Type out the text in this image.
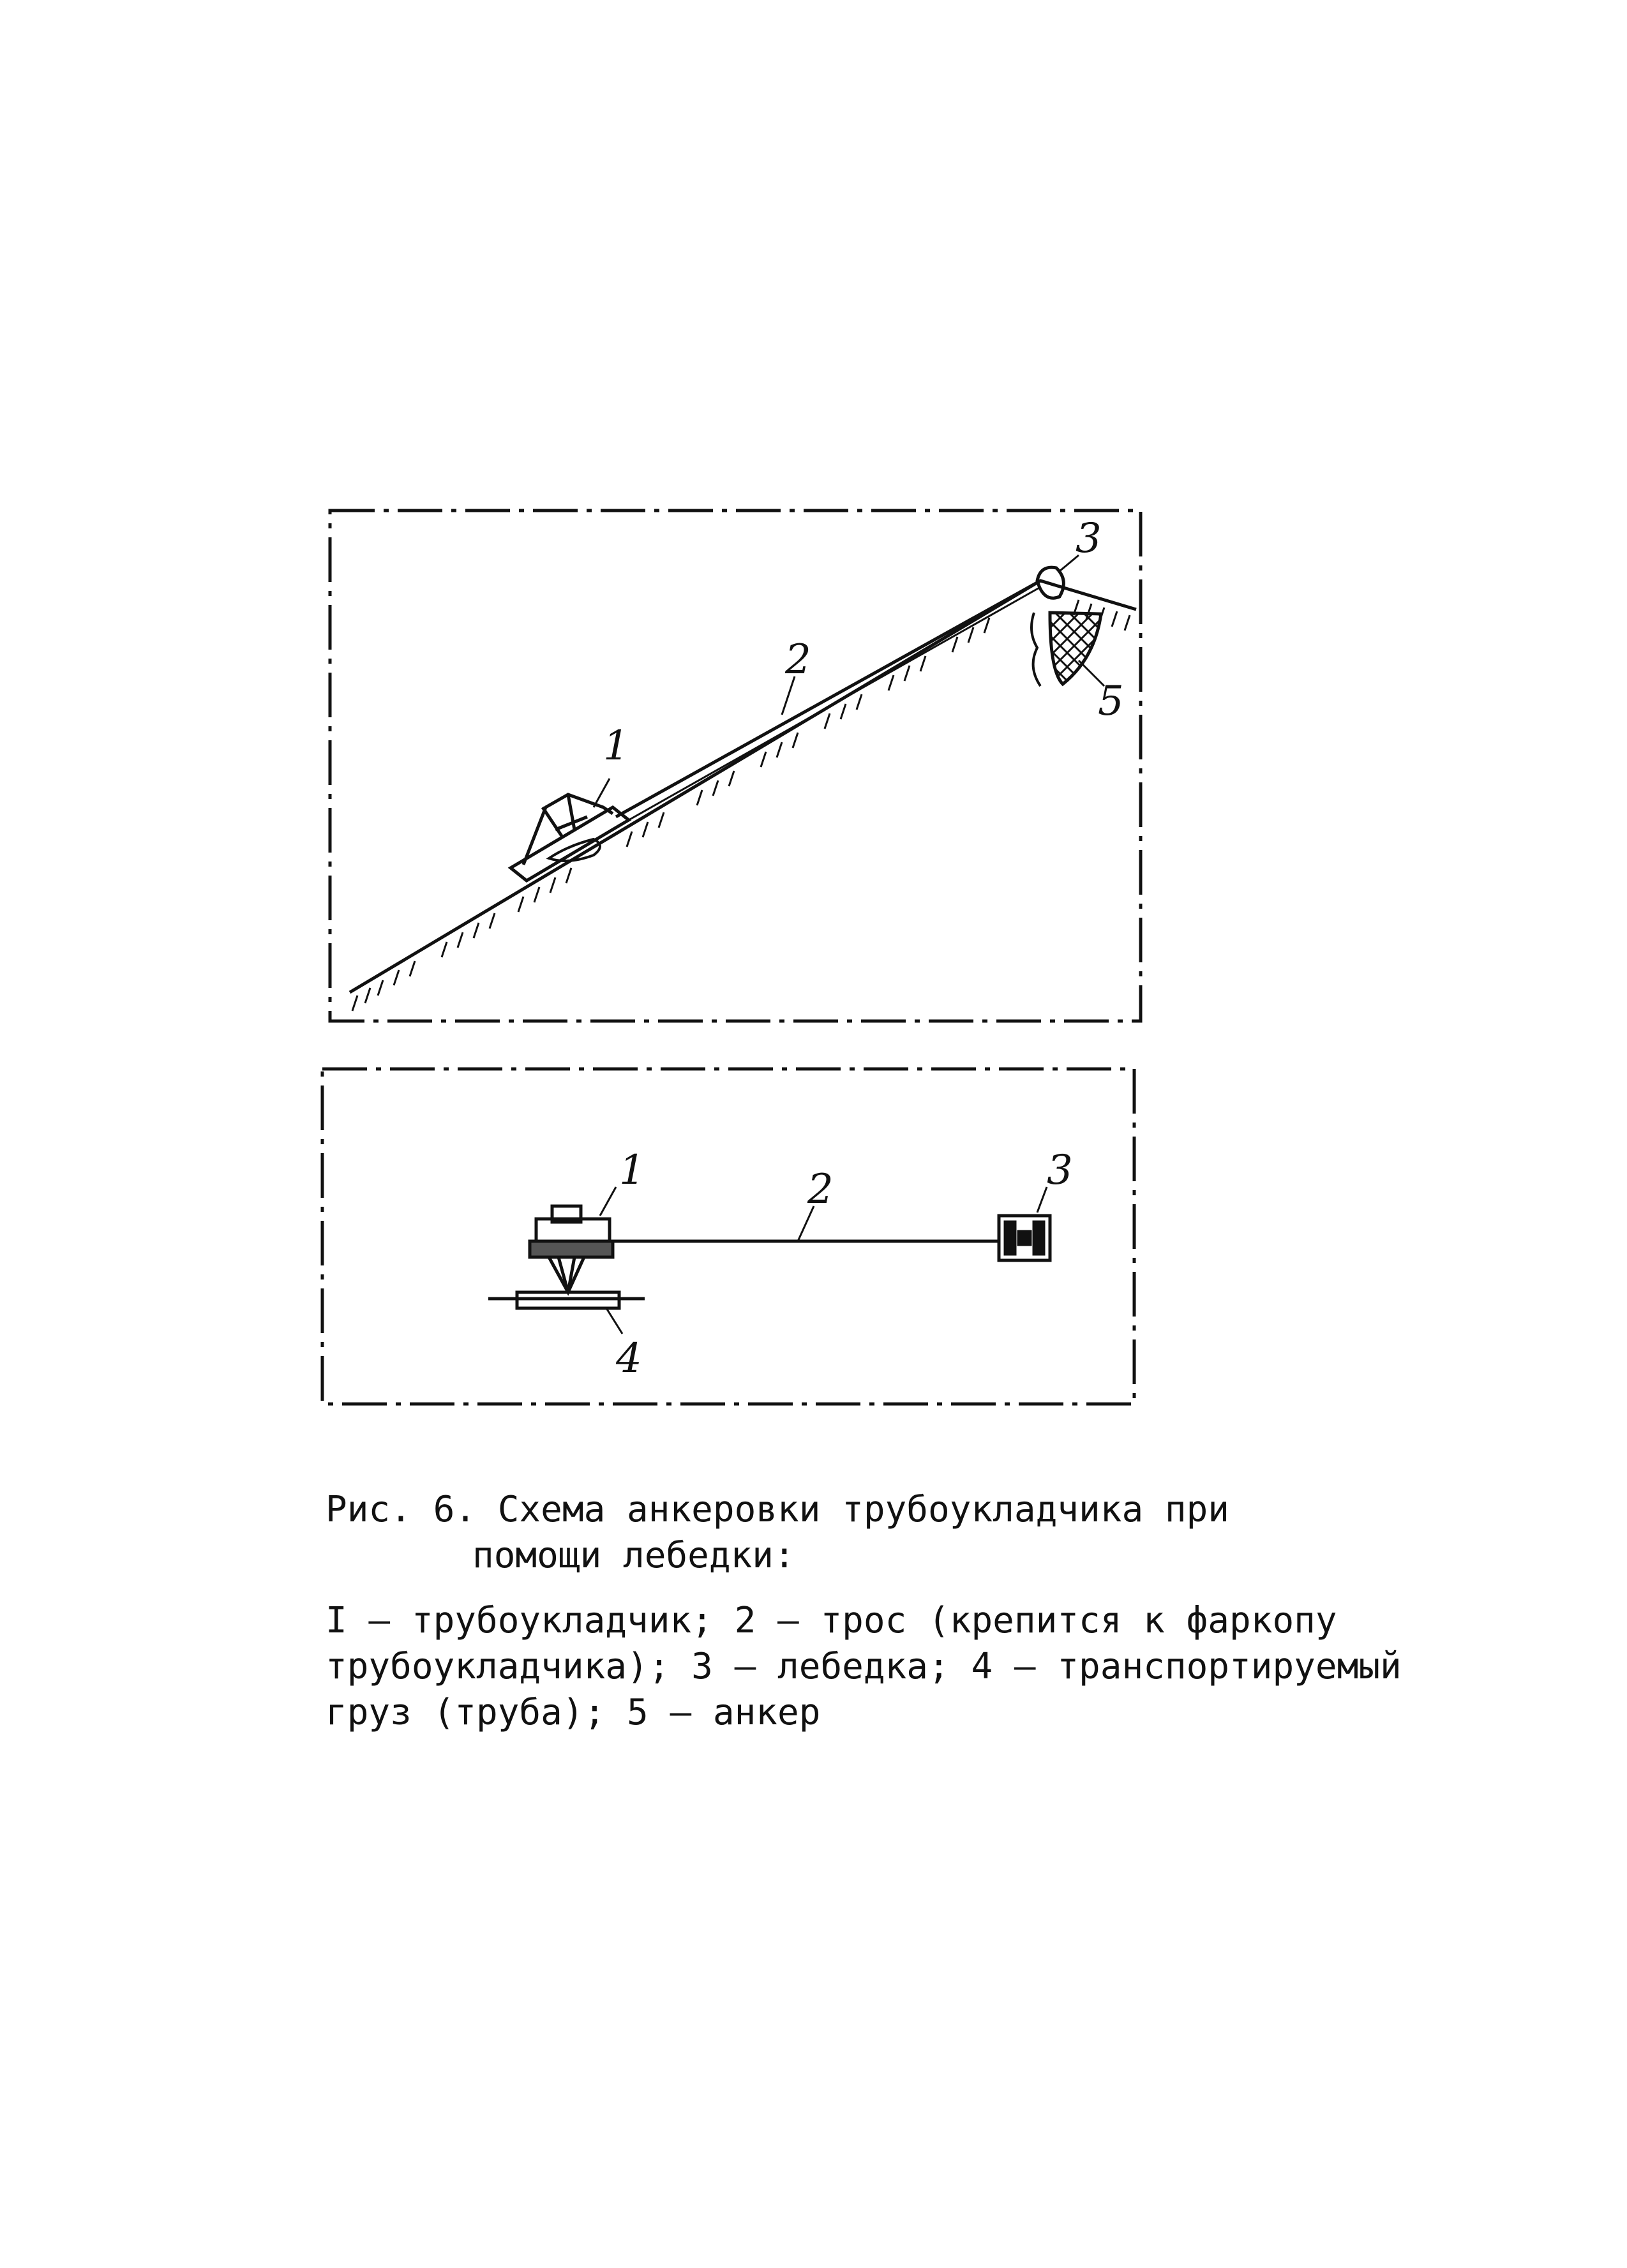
1
2
3
5
1	2	3
4
Рис. 6. Схема анкеровки трубоукладчика при
помощи лебедки:
I – трубоукладчик; 2 – трос (крепится к фаркопу
трубоукладчика); 3 – лебедка; 4 – транспортируемый
груз (труба); 5 – анкер
